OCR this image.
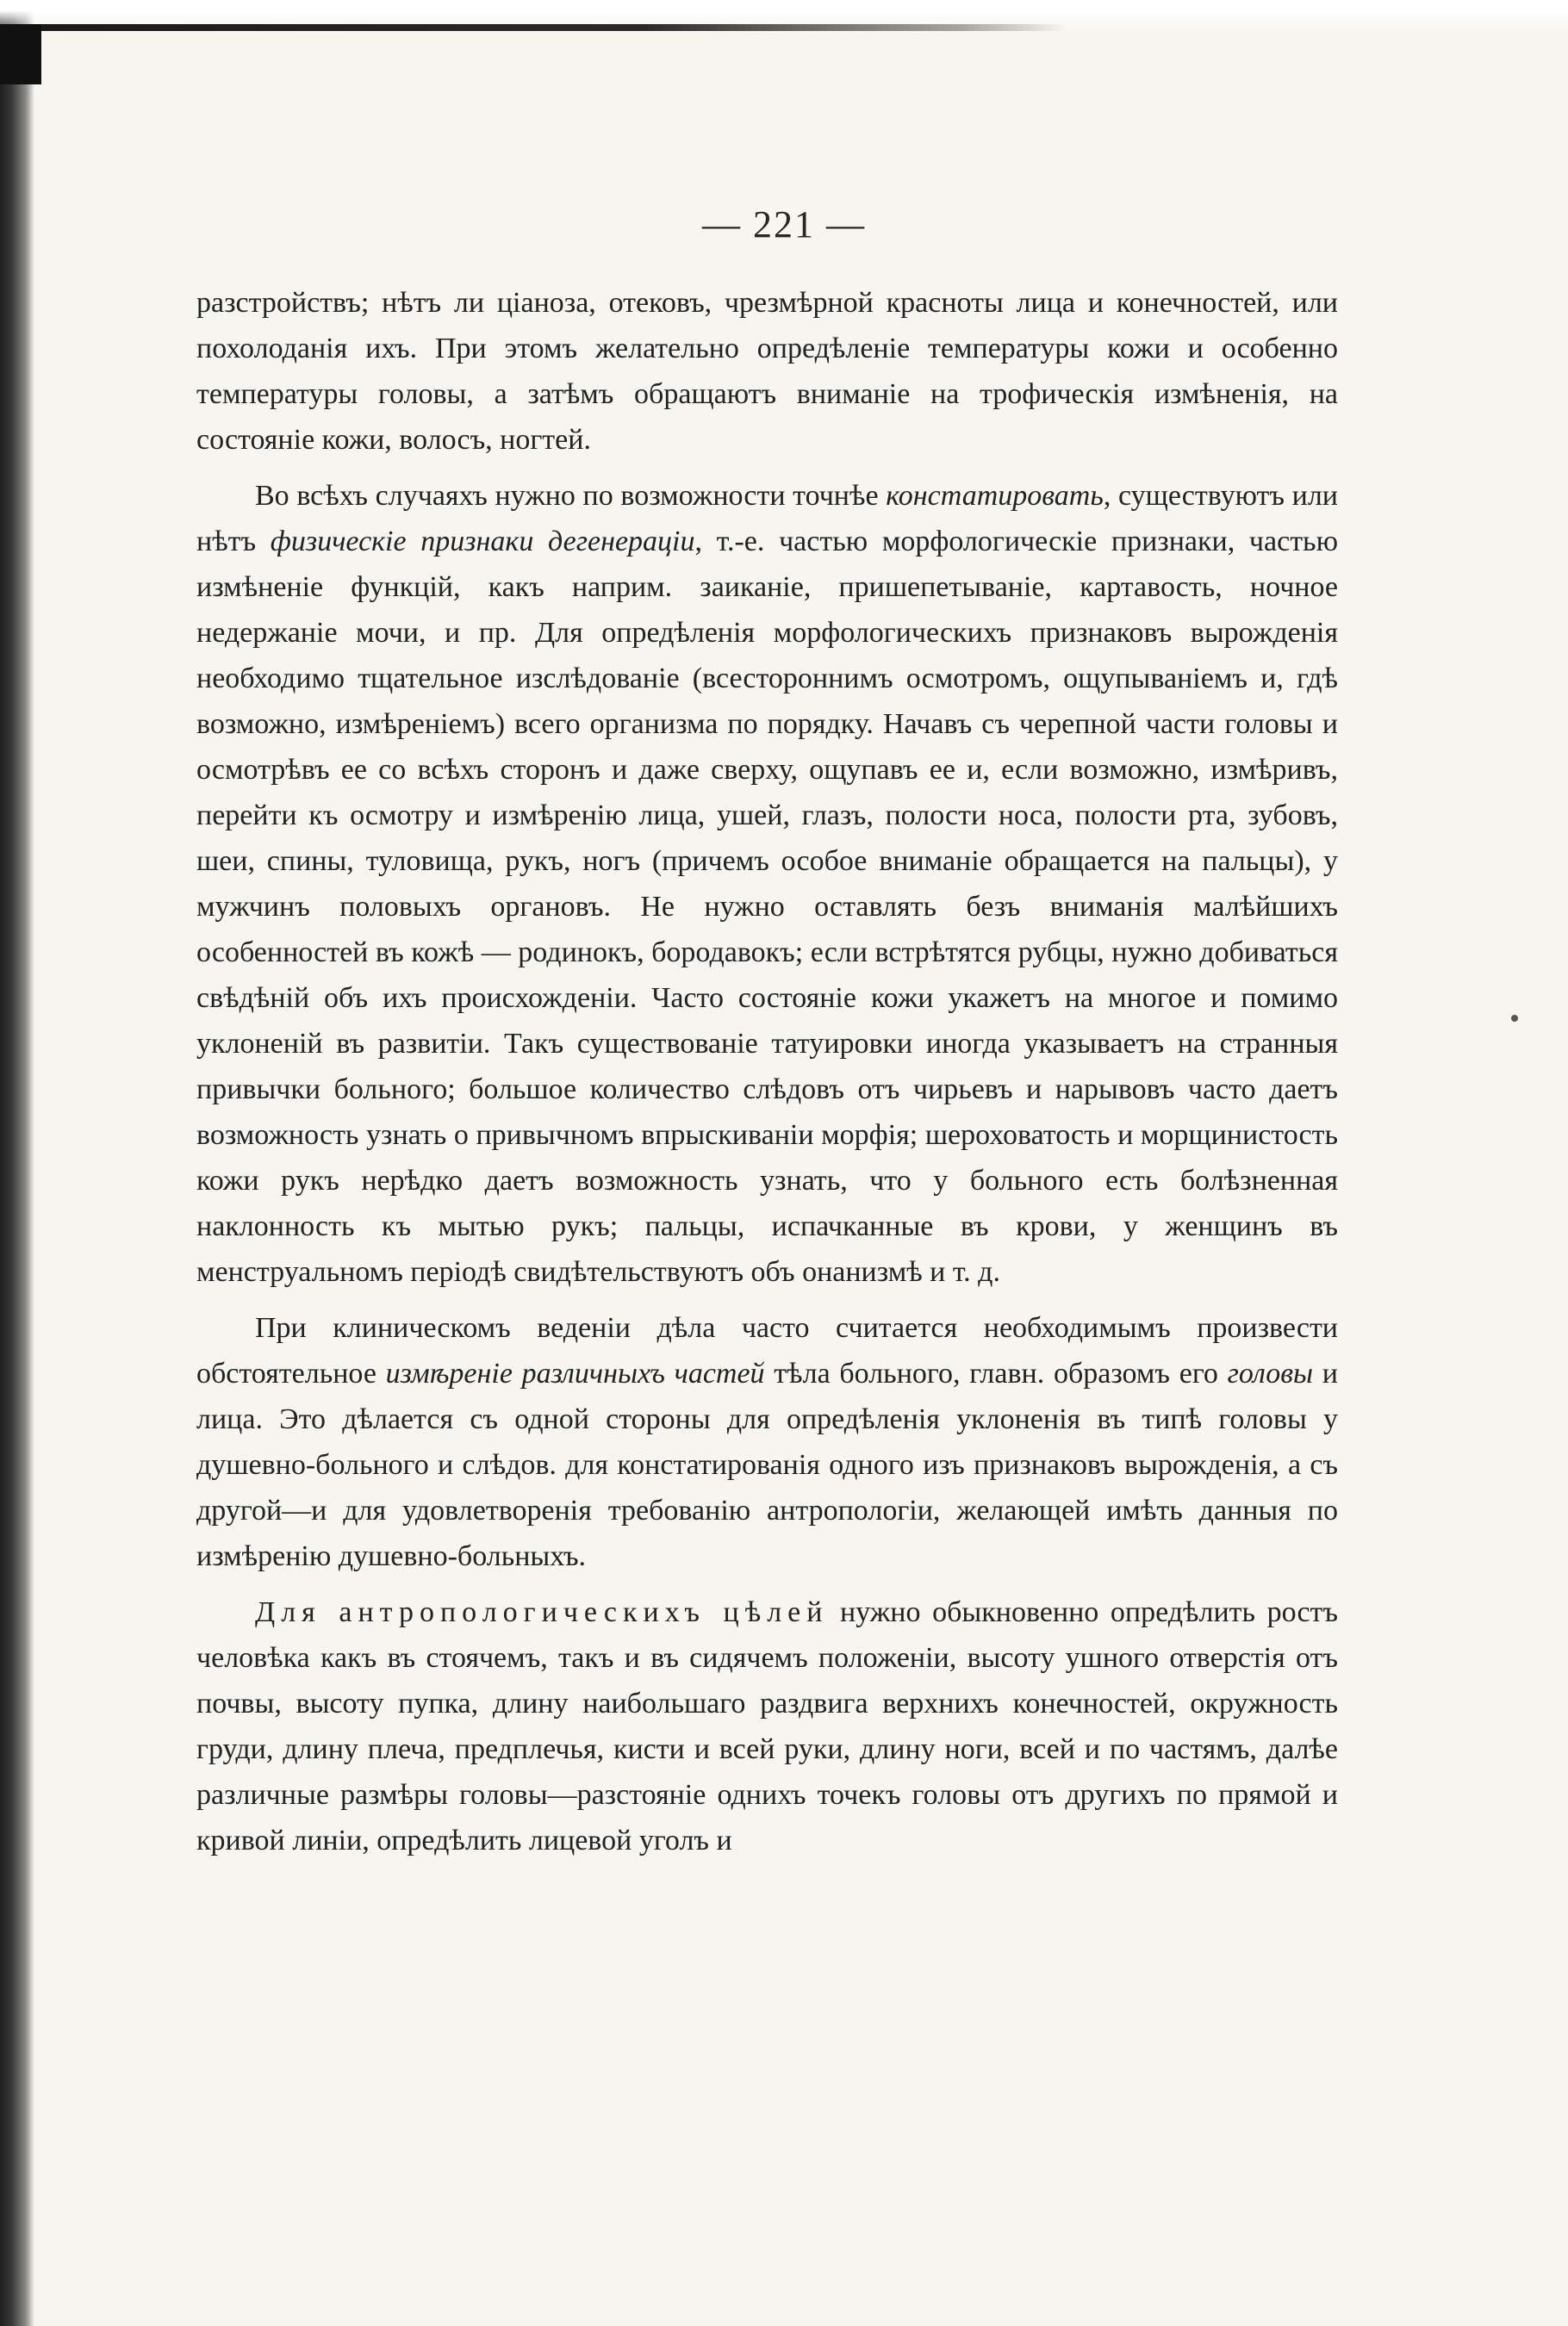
— 221 —

разстройствъ; нѣтъ ли ціаноза, отековъ, чрезмѣрной красноты лица и конечностей, или похолоданія ихъ. При этомъ желательно опредѣленіе температуры кожи и особенно температуры головы, а затѣмъ обращаютъ вниманіе на трофическія измѣненія, на состояніе кожи, волосъ, ногтей.

Во всѣхъ случаяхъ нужно по возможности точнѣе констатировать, существуютъ или нѣтъ физическіе признаки дегенераціи, т.-е. частью морфологическіе признаки, частью измѣненіе функцій, какъ наприм. заиканіе, пришепетываніе, картавость, ночное недержаніе мочи, и пр. Для опредѣленія морфологическихъ признаковъ вырожденія необходимо тщательное изслѣдованіе (всестороннимъ осмотромъ, ощупываніемъ и, гдѣ возможно, измѣреніемъ) всего организма по порядку. Начавъ съ черепной части головы и осмотрѣвъ ее со всѣхъ сторонъ и даже сверху, ощупавъ ее и, если возможно, измѣривъ, перейти къ осмотру и измѣренію лица, ушей, глазъ, полости носа, полости рта, зубовъ, шеи, спины, туловища, рукъ, ногъ (причемъ особое вниманіе обращается на пальцы), у мужчинъ половыхъ органовъ. Не нужно оставлять безъ вниманія малѣйшихъ особенностей въ кожѣ — родинокъ, бородавокъ; если встрѣтятся рубцы, нужно добиваться свѣдѣній объ ихъ происхожденіи. Часто состояніе кожи укажетъ на многое и помимо уклоненій въ развитіи. Такъ существованіе татуировки иногда указываетъ на странныя привычки больного; большое количество слѣдовъ отъ чирьевъ и нарывовъ часто даетъ возможность узнать о привычномъ впрыскиваніи морфія; шероховатость и морщинистость кожи рукъ нерѣдко даетъ возможность узнать, что у больного есть болѣзненная наклонность къ мытью рукъ; пальцы, испачканные въ крови, у женщинъ въ менструальномъ періодѣ свидѣтельствуютъ объ онанизмѣ и т. д.

При клиническомъ веденіи дѣла часто считается необходимымъ произвести обстоятельное измѣреніе различныхъ частей тѣла больного, главн. образомъ его головы и лица. Это дѣлается съ одной стороны для опредѣленія уклоненія въ типѣ головы у душевно-больного и слѣдов. для констатированія одного изъ признаковъ вырожденія, а съ другой—и для удовлетворенія требованію антропологіи, желающей имѣть данныя по измѣренію душевно-больныхъ.

Для антропологическихъ цѣлей нужно обыкновенно опредѣлить ростъ человѣка какъ въ стоячемъ, такъ и въ сидячемъ положеніи, высоту ушного отверстія отъ почвы, высоту пупка, длину наибольшаго раздвига верхнихъ конечностей, окружность груди, длину плеча, предплечья, кисти и всей руки, длину ноги, всей и по частямъ, далѣе различные размѣры головы—разстояніе однихъ точекъ головы отъ другихъ по прямой и кривой линіи, опредѣлить лицевой уголъ и
